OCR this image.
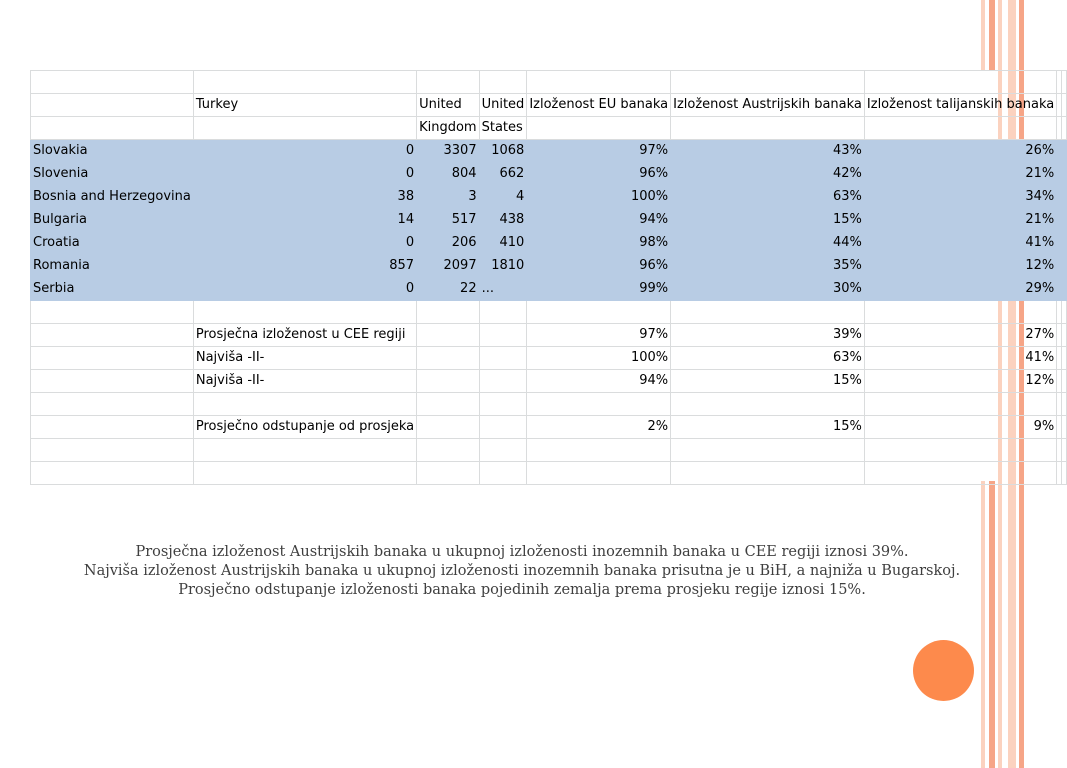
	Turkey	United	United	Izloženost EU banaka	Izloženost Austrijskih banaka	Izloženost talijanskih banaka		
		Kingdom	States					
Slovakia	0	3307	1068	97%	43%	26%		
Slovenia	0	804	662	96%	42%	21%		
Bosnia and Herzegovina	38	3	4	100%	63%	34%		
Bulgaria	14	517	438	94%	15%	21%		
Croatia	0	206	410	98%	44%	41%		
Romania	857	2097	1810	96%	35%	12%		
Serbia	0	22	...	99%	30%	29%		

	Prosječna izloženost u CEE regiji			97%	39%	27%		
	Najviša -II-			100%	63%	41%		
	Najviša -II-			94%	15%	12%		

	Prosječno odstupanje od prosjeka			2%	15%	9%		

Prosječna izloženost Austrijskih banaka u ukupnoj izloženosti inozemnih banaka u CEE regiji iznosi 39%.

Najviša izloženost Austrijskih banaka u ukupnoj izloženosti inozemnih banaka prisutna je u BiH, a najniža u Bugarskoj.

Prosječno odstupanje izloženosti banaka pojedinih zemalja prema prosjeku regije iznosi 15%.
